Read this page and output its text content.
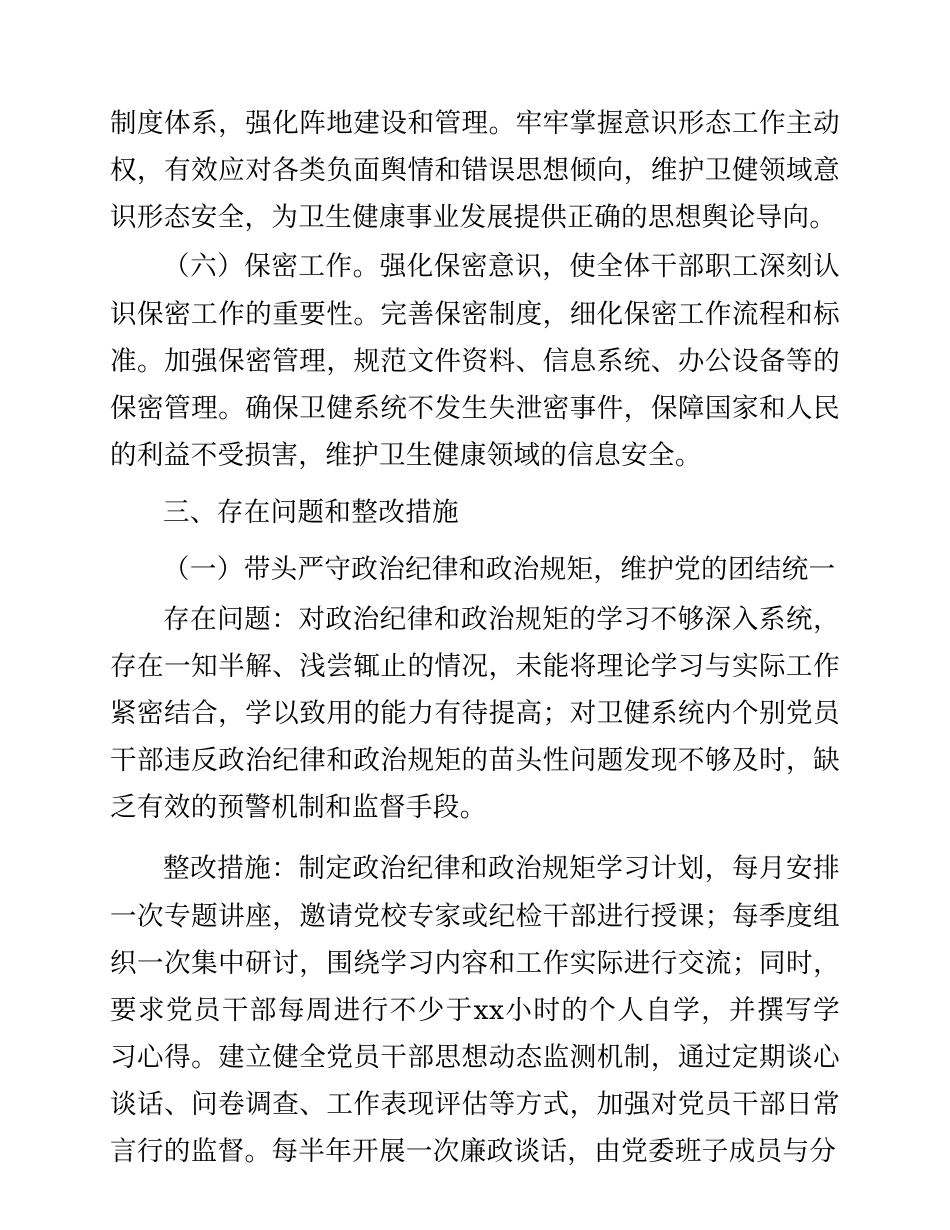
制度体系，强化阵地建设和管理。牢牢掌握意识形态工作主动权，有效应对各类负面舆情和错误思想倾向，维护卫健领域意识形态安全，为卫生健康事业发展提供正确的思想舆论导向。

（六）保密工作。强化保密意识，使全体干部职工深刻认识保密工作的重要性。完善保密制度，细化保密工作流程和标准。加强保密管理，规范文件资料、信息系统、办公设备等的保密管理。确保卫健系统不发生失泄密事件，保障国家和人民的利益不受损害，维护卫生健康领域的信息安全。

三、存在问题和整改措施

（一）带头严守政治纪律和政治规矩，维护党的团结统一

存在问题：对政治纪律和政治规矩的学习不够深入系统，存在一知半解、浅尝辄止的情况，未能将理论学习与实际工作紧密结合，学以致用的能力有待提高；对卫健系统内个别党员干部违反政治纪律和政治规矩的苗头性问题发现不够及时，缺乏有效的预警机制和监督手段。

整改措施：制定政治纪律和政治规矩学习计划，每月安排一次专题讲座，邀请党校专家或纪检干部进行授课；每季度组织一次集中研讨，围绕学习内容和工作实际进行交流；同时，要求党员干部每周进行不少于xx小时的个人自学，并撰写学习心得。建立健全党员干部思想动态监测机制，通过定期谈心谈话、问卷调查、工作表现评估等方式，加强对党员干部日常言行的监督。每半年开展一次廉政谈话，由党委班子成员与分
